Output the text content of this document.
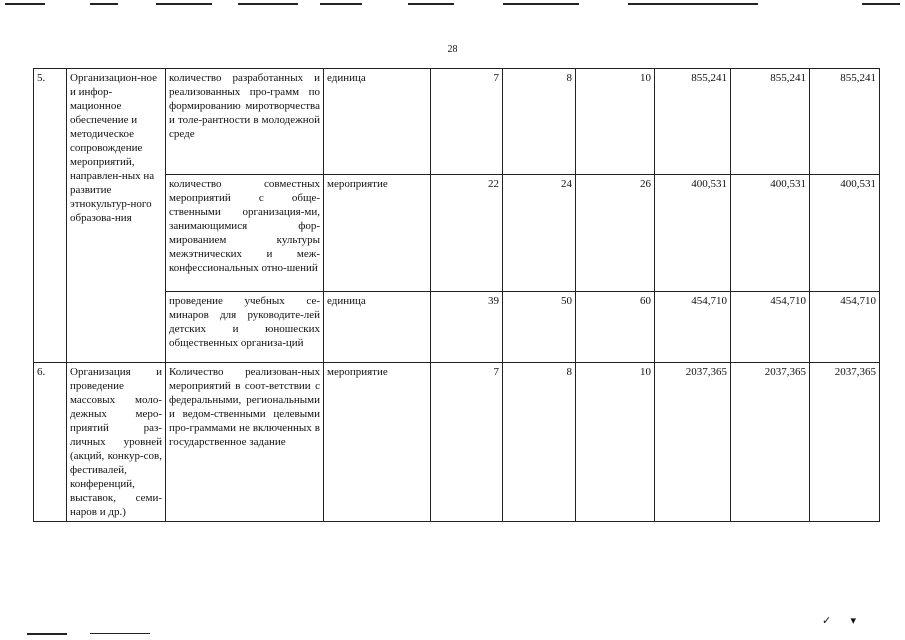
28
5.	Организацион-ное и инфор-мационное обеспечение и методическое сопровождение мероприятий, направлен-ных на развитие этнокультур-ного образова-ния	количество разработанных и реализованных про-грамм по формированию миротворчества и толе-рантности в молодежной среде	единица	7	8	10	855,241	855,241	855,241
		количество совместных мероприятий с обще-ственными организация-ми, занимающимися фор-мированием культуры межэтнических и меж-конфессиональных отно-шений	мероприятие	22	24	26	400,531	400,531	400,531
		проведение учебных се-минаров для руководите-лей детских и юношеских общественных организа-ций	единица	39	50	60	454,710	454,710	454,710
6.	Организация и проведение массовых моло-дежных меро-приятий раз-личных уровней (акций, конкур-сов, фестивалей, конференций, выставок, семи-наров и др.)	Количество реализован-ных мероприятий в соот-ветствии с федеральными, региональными и ведом-ственными целевыми про-граммами не включенных в государственное задание	мероприятие	7	8	10	2037,365	2037,365	2037,365
✓       ▾
